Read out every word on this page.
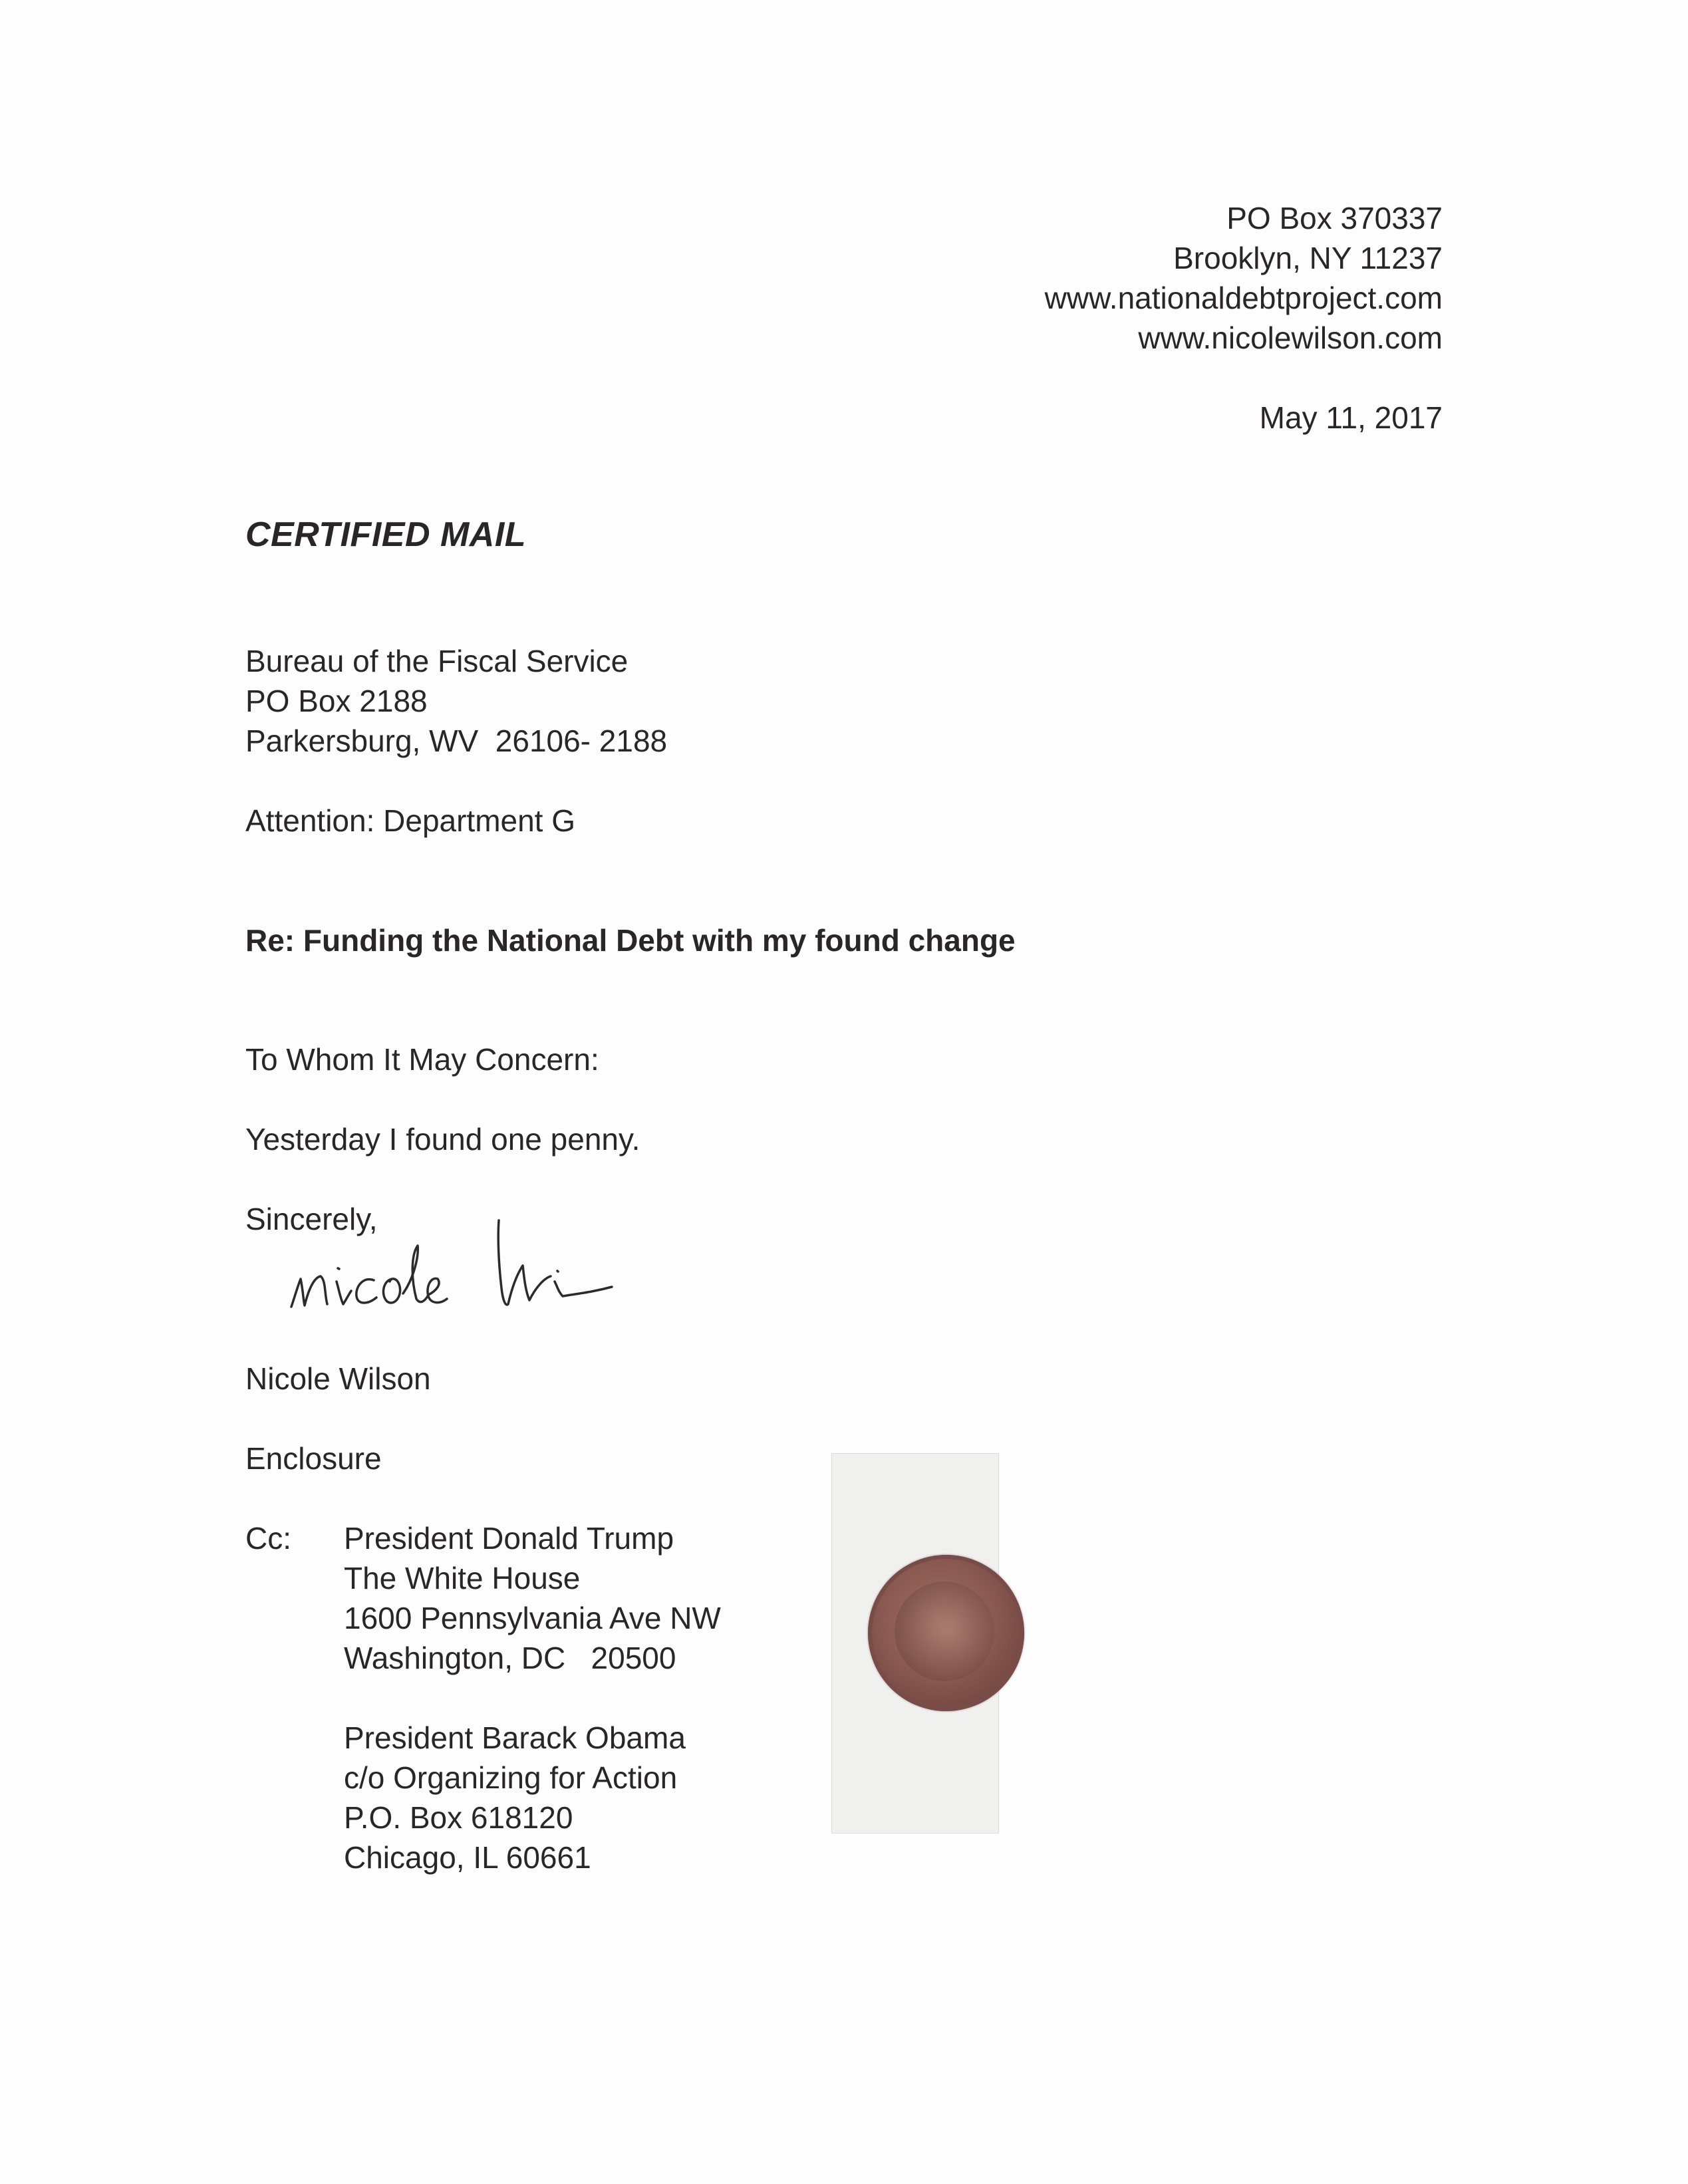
PO Box 370337
Brooklyn, NY 11237
www.nationaldebtproject.com
www.nicolewilson.com
May 11, 2017
CERTIFIED MAIL
Bureau of the Fiscal Service
PO Box 2188
Parkersburg, WV  26106- 2188
Attention: Department G
Re: Funding the National Debt with my found change
To Whom It May Concern:
Yesterday I found one penny.
Sincerely,
Nicole Wilson
Enclosure
Cc: President Donald Trump
The White House
1600 Pennsylvania Ave NW
Washington, DC   20500
President Barack Obama
c/o Organizing for Action
P.O. Box 618120
Chicago, IL 60661
